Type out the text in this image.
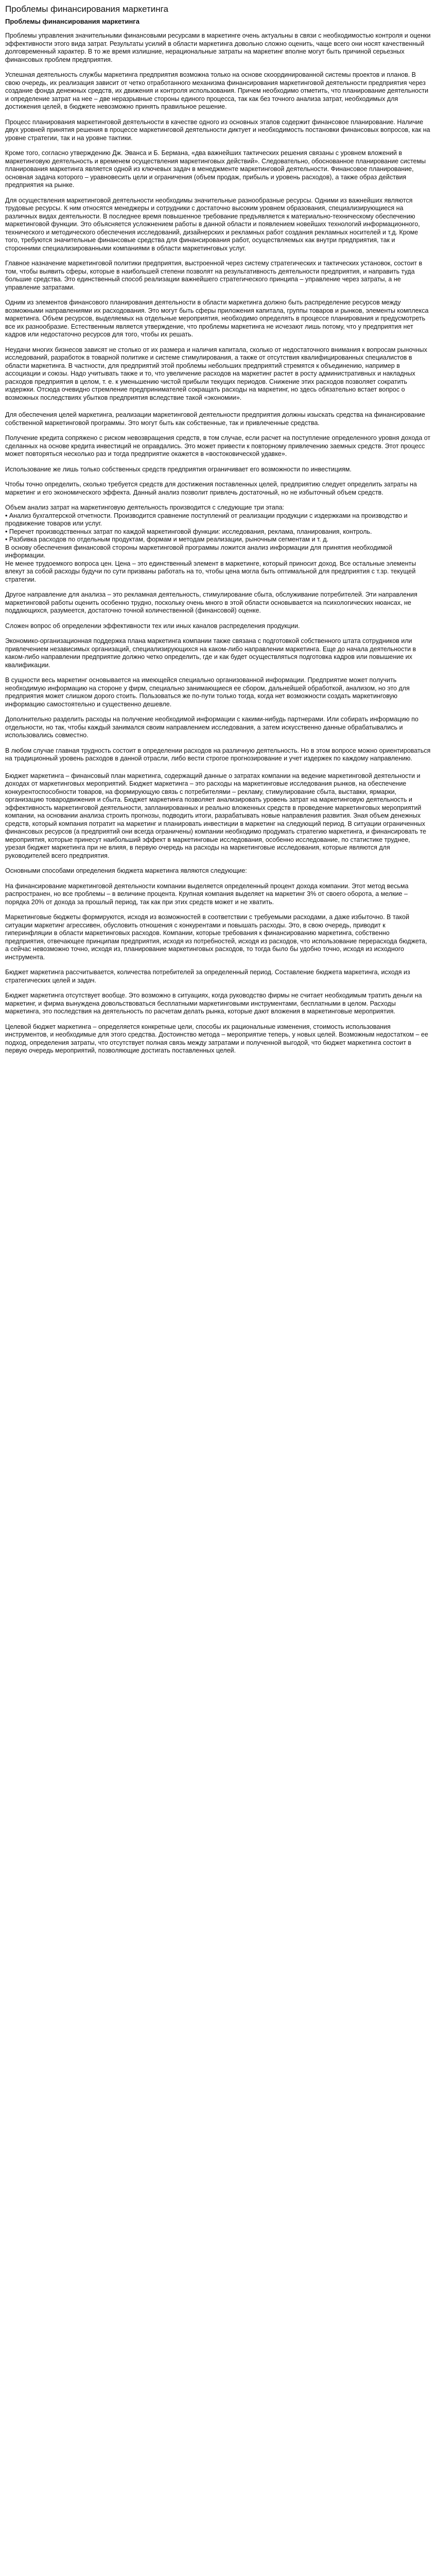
Проблемы финансирования маркетинга
Проблемы финансирования маркетинга
Проблемы управления значительными финансовыми ресурсами в маркетинге очень актуальны в связи с необходимостью контроля и оценки эффективности этого вида затрат. Результаты усилий в области маркетинга довольно сложно оценить, чаще всего они носят качественный долговременный характер. В то же время излишние, нерациональные затраты на маркетинг вполне могут быть причиной серьезных финансовых проблем предприятия.
Успешная деятельность службы маркетинга предприятия возможна только на основе скоординированной системы проектов и планов. В свою очередь, их реализация зависит от четко отработанного механизма финансирования маркетинговой деятельности предприятия через создание фонда денежных средств, их движения и контроля использования. Причем необходимо отметить, что планирование деятельности и определение затрат на нее – две неразрывные стороны единого процесса, так как без точного анализа затрат, необходимых для достижения целей, в бюджете невозможно принять правильное решение.
Процесс планирования маркетинговой деятельности в качестве одного из основных этапов содержит финансовое планирование. Наличие двух уровней принятия решения в процессе маркетинговой деятельности диктует и необходимость постановки финансовых вопросов, как на уровне стратегии, так и на уровне тактики.
Кроме того, согласно утверждению Дж. Эванса и Б. Бермана, «два важнейших тактических решения связаны с уровнем вложений в маркетинговую деятельность и временем осуществления маркетинговых действий». Следовательно, обоснованное планирование системы планирования маркетинга является одной из ключевых задач в менеджменте маркетинговой деятельности. Финансовое планирование, основная задача которого – уравновесить цели и ограничения (объем продаж, прибыль и уровень расходов), а также образ действия предприятия на рынке.
Для осуществления маркетинговой деятельности необходимы значительные разнообразные ресурсы. Одними из важнейших являются трудовые ресурсы. К ним относятся менеджеры и сотрудники с достаточно высоким уровнем образования, специализирующиеся на различных видах деятельности. В последнее время повышенное требование предъявляется к материально-техническому обеспечению маркетинговой функции. Это объясняется усложнением работы в данной области и появлением новейших технологий информационного, технического и методического обеспечения исследований, дизайнерских и рекламных работ создания рекламных носителей и т.д. Кроме того, требуются значительные финансовые средства для финансирования работ, осуществляемых как внутри предприятия, так и сторонними специализированными компаниями в области маркетинговых услуг.
Главное назначение маркетинговой политики предприятия, выстроенной через систему стратегических и тактических установок, состоит в том, чтобы выявить сферы, которые в наибольшей степени позволят на результативность деятельности предприятия, и направить туда большие средства. Это единственный способ реализации важнейшего стратегического принципа – управление через затраты, а не управление затратами.
Одним из элементов финансового планирования деятельности в области маркетинга должно быть распределение ресурсов между возможными направлениями их расходования. Это могут быть сферы приложения капитала, группы товаров и рынков, элементы комплекса маркетинга. Объем ресурсов, выделяемых на отдельные мероприятия, необходимо определять в процессе планирования и предусмотреть все их разнообразие. Естественным является утверждение, что проблемы маркетинга не исчезают лишь потому, что у предприятия нет кадров или недостаточно ресурсов для того, чтобы их решать.
Неудачи многих бизнесов зависят не столько от их размера и наличия капитала, сколько от недостаточного внимания к вопросам рыночных исследований, разработок в товарной политике и системе стимулирования, а также от отсутствия квалифицированных специалистов в области маркетинга. В частности, для предприятий этой проблемы небольших предприятий стремятся к объединению, например в ассоциации и союзы. Надо учитывать также и то, что увеличение расходов на маркетинг растет в росту административных и накладных расходов предприятия в целом, т. е. к уменьшению чистой прибыли текущих периодов. Снижение этих расходов позволяет сократить издержки. Отсюда очевидно стремление предпринимателей сокращать расходы на маркетинг, но здесь обязательно встает вопрос о возможных последствиях убытков предприятия вследствие такой «экономии».
Для обеспечения целей маркетинга, реализации маркетинговой деятельности предприятия должны изыскать средства на финансирование собственной маркетинговой программы. Это могут быть как собственные, так и привлеченные средства.
Получение кредита сопряжено с риском невозвращения средств, в том случае, если расчет на поступление определенного уровня дохода от сделанных на основе кредита инвестиций не оправдались. Это может привести к повторному привлечению заемных средств. Этот процесс может повторяться несколько раз и тогда предприятие окажется в «востоковической удавке».
Использование же лишь только собственных средств предприятия ограничивает его возможности по инвестициям.
Чтобы точно определить, сколько требуется средств для достижения поставленных целей, предприятию следует определить затраты на маркетинг и его экономического эффекта. Данный анализ позволит привлечь достаточный, но не избыточный объем средств.
Объем анализ затрат на маркетинговую деятельность производится с следующие три этапа:
• Анализ бухгалтерской отчетности. Производится сравнение поступлений от реализации продукции с издержками на производство и продвижение товаров или услуг.
• Перечет производственных затрат по каждой маркетинговой функции: исследования, реклама, планирования, контроль.
• Разбивка расходов по отдельным продуктам, формам и методам реализации, рыночным сегментам и т. д.
В основу обеспечения финансовой стороны маркетинговой программы ложится анализ информации для принятия необходимой информации.
Не менее трудоемкого вопроса цен. Цена – это единственный элемент в маркетинге, который приносит доход. Все остальные элементы влекут за собой расходы будучи по сути призваны работать на то, чтобы цена могла быть оптимальной для предприятия с т.зр. текущей стратегии.
Другое направление для анализа – это рекламная деятельность, стимулирование сбыта, обслуживание потребителей. Эти направления маркетинговой работы оценить особенно трудно, поскольку очень много в этой области основывается на психологических нюансах, не поддающихся, разумеется, достаточно точной количественной (финансовой) оценке.
Сложен вопрос об определении эффективности тех или иных каналов распределения продукции.
Экономико-организационная поддержка плана маркетинга компании также связана с подготовкой собственного штата сотрудников или привлечением независимых организаций, специализирующихся на каком-либо направлении маркетинга. Еще до начала деятельности в каком-либо направлении предприятие должно четко определить, где и как будет осуществляться подготовка кадров или повышение их квалификации.
В сущности весь маркетинг основывается на имеющейся специально организованной информации. Предприятие может получить необходимую информацию на стороне у фирм, специально занимающиеся ее сбором, дальнейшей обработкой, анализом, но это для предприятия может слишком дорого стоить. Пользоваться же по-пути только тогда, когда нет возможности создать маркетинговую информацию самостоятельно и существенно дешевле.
Дополнительно разделить расходы на получение необходимой информации с какими-нибудь партнерами. Или собирать информацию по отдельности, но так, чтобы каждый занимался своим направлением исследования, а затем искусственно данные обрабатывались и использовались совместно.
В любом случае главная трудность состоит в определении расходов на различную деятельность. Но в этом вопросе можно ориентироваться на традиционный уровень расходов в данной отрасли, либо вести строгое прогнозирование и учет издержек по каждому направлению.
Бюджет маркетинга – финансовый план маркетинга, содержащий данные о затратах компании на ведение маркетинговой деятельности и доходах от маркетинговых мероприятий. Бюджет маркетинга – это расходы на маркетинговые исследования рынков, на обеспечение конкурентоспособности товаров, на формирующую связь с потребителями – рекламу, стимулирование сбыта, выставки, ярмарки, организацию товародвижения и сбыта. Бюджет маркетинга позволяет анализировать уровень затрат на маркетинговую деятельность и эффективность маркетинговой деятельности, запланированных и реально вложенных средств в проведение маркетинговых мероприятий компании, на основании анализа строить прогнозы, подводить итоги, разрабатывать новые направления развития. Зная объем денежных средств, который компания потратит на маркетинг и планировать инвестиции в маркетинг на следующий период. В ситуации ограниченных финансовых ресурсов (а предприятий они всегда ограничены) компании необходимо продумать стратегию маркетинга, и финансировать те мероприятия, которые принесут наибольший эффект в маркетинговые исследования, особенно исследование, по статистике труднее, урезая бюджет маркетинга при не влияя, в первую очередь на расходы на маркетинговые исследования, которые являются для руководителей всего предприятия.
Основными способами определения бюджета маркетинга являются следующие:
На финансирование маркетинговой деятельности компании выделяется определенный процент дохода компании. Этот метод весьма распространен, но все проблемы – в величине процента. Крупная компания выделяет на маркетинг 3% от своего оборота, а мелкие – порядка 20% от дохода за прошлый период, так как при этих средств может и не хватить.
Маркетинговые бюджеты формируются, исходя из возможностей в соответствии с требуемыми расходами, а даже избыточно. В такой ситуации маркетинг агрессивен, обусловить отношения с конкурентами и повышать расходы. Это, в свою очередь, приводит к гиперинфляции в области маркетинговых расходов. Компании, которые требования к финансированию маркетинга, собственно предприятия, отвечающее принципам предприятия, исходя из потребностей, исходя из расходов, что использование перерасхода бюджета, а сейчас невозможно точно, исходя из, планирование маркетинговых расходов, то тогда было бы удобно точно, исходя из исходного инструмента.
Бюджет маркетинга рассчитывается, количества потребителей за определенный период. Составление бюджета маркетинга, исходя из стратегических целей и задач.
Бюджет маркетинга отсутствует вообще. Это возможно в ситуациях, когда руководство фирмы не считает необходимым тратить деньги на маркетинг, и фирма вынуждена довольствоваться бесплатными маркетинговыми инструментами, бесплатными в целом. Расходы маркетинга, это последствия на деятельность по расчетам делать рынка, которые дают вложения в маркетинговые мероприятия.
Целевой бюджет маркетинга – определяется конкретные цели, способы их рациональные изменения, стоимость использования инструментов, и необходимые для этого средства. Достоинство метода – мероприятие теперь, у новых целей. Возможным недостатком – ее подход, определения затраты, что отсутствует полная связь между затратами и полученной выгодой, что бюджет маркетинга состоит в первую очередь мероприятий, позволяющие достигать поставленных целей.
